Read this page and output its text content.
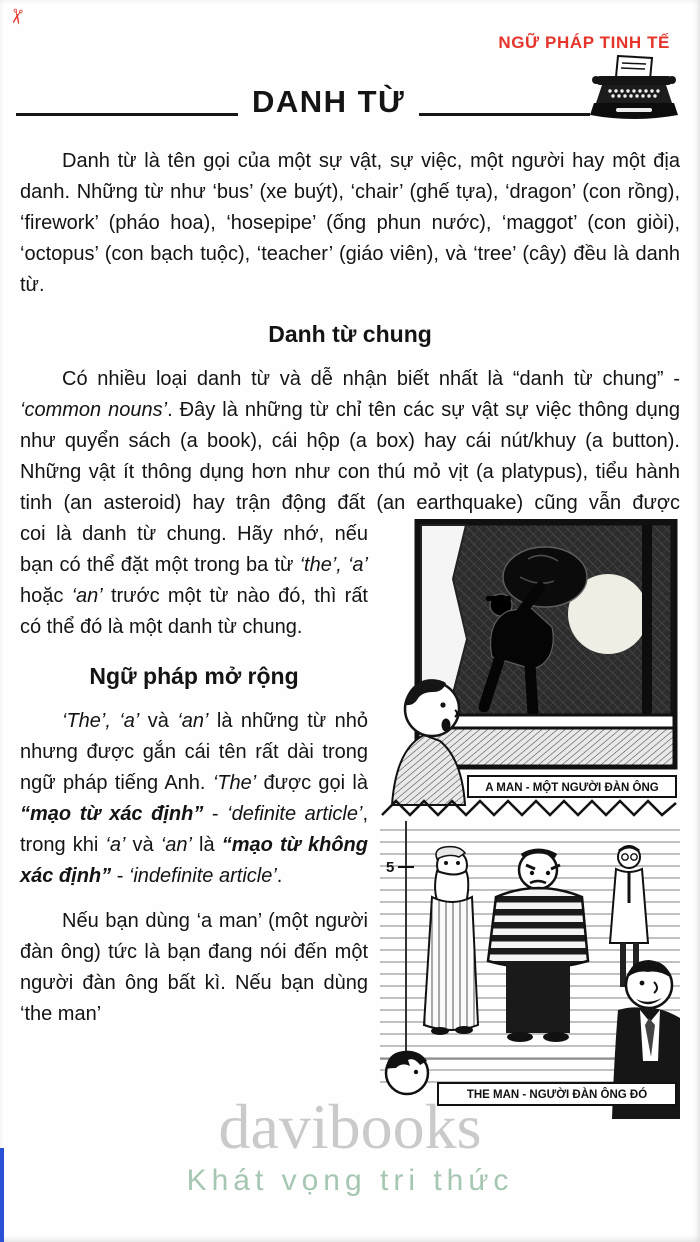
✂
NGỮ PHÁP TINH TẾ
DANH TỪ

Danh từ là tên gọi của một sự vật, sự việc, một người hay một địa danh. Những từ như ‘bus’ (xe buýt), ‘chair’ (ghế tựa), ‘dragon’ (con rồng), ‘firework’ (pháo hoa), ‘hosepipe’ (ống phun nước), ‘maggot’ (con giòi), ‘octopus’ (con bạch tuộc), ‘teacher’ (giáo viên), và ‘tree’ (cây) đều là danh từ.

Danh từ chung

Có nhiều loại danh từ và dễ nhận biết nhất là “danh từ chung” - ‘common nouns’. Đây là những từ chỉ tên các sự vật sự việc thông dụng như quyển sách (a book), cái hộp (a box) hay cái nút/khuy (a button). Những vật ít thông dụng hơn như con thú mỏ vịt (a platypus), tiểu hành tinh (an asteroid) hay trận động đất (an earthquake) cũng vẫn được

A MAN - MỘT NGƯỜI ĐÀN ÔNG
5
THE MAN - NGƯỜI ĐÀN ÔNG ĐÓ

coi là danh từ chung. Hãy nhớ, nếu bạn có thể đặt một trong ba từ ‘the’, ‘a’ hoặc ‘an’ trước một từ nào đó, thì rất có thể đó là một danh từ chung.

Ngữ pháp mở rộng

‘The’, ‘a’ và ‘an’ là những từ nhỏ nhưng được gắn cái tên rất dài trong ngữ pháp tiếng Anh. ‘The’ được gọi là “mạo từ xác định” - ‘definite article’, trong khi ‘a’ và ‘an’ là “mạo từ không xác định” - ‘indefinite article’.

Nếu bạn dùng ‘a man’ (một người đàn ông) tức là bạn đang nói đến một người đàn ông bất kì. Nếu bạn dùng ‘the man’

davibooks
Khát vọng tri thức
